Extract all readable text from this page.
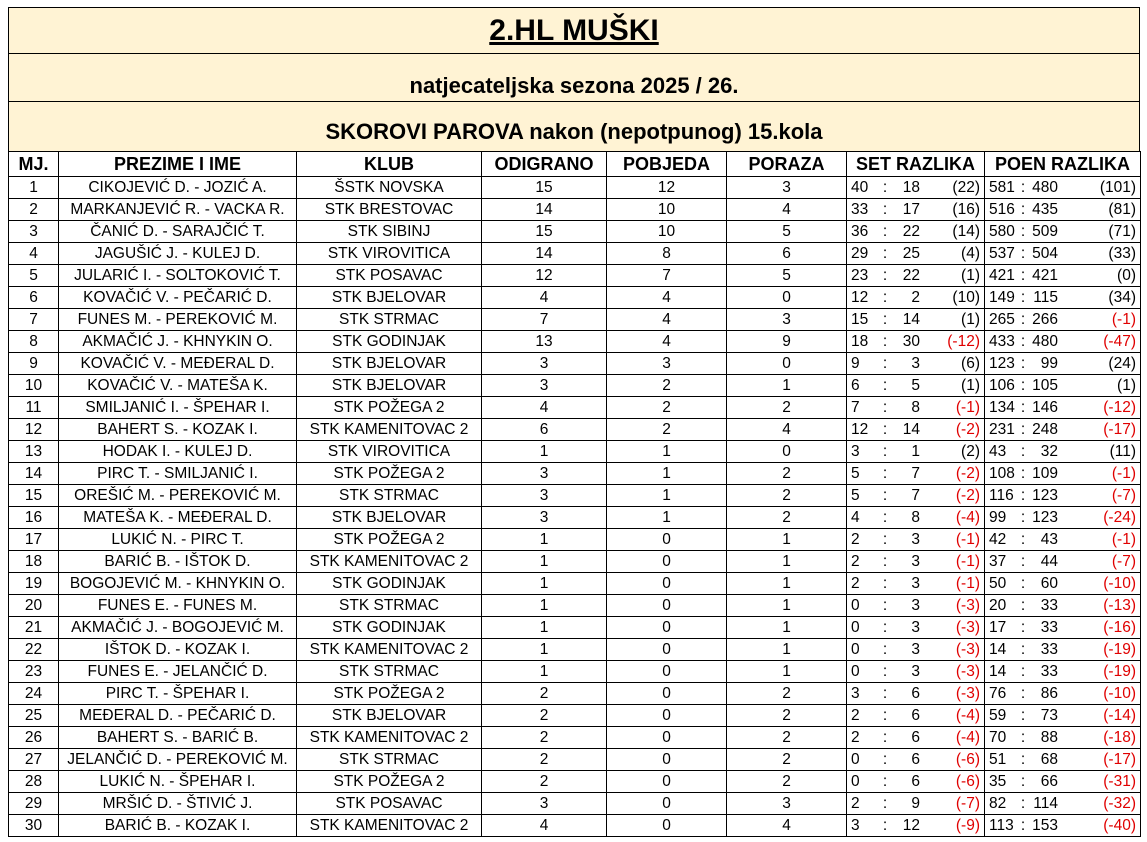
2.HL MUŠKI
natjecateljska sezona 2025 / 26.
SKOROVI PAROVA nakon (nepotpunog) 15.kola
MJ.	PREZIME I IME	KLUB	ODIGRANO	POBJEDA	PORAZA	SET RAZLIKA	POEN RAZLIKA
1	CIKOJEVIĆ D. - JOZIĆ A.	ŠSTK NOVSKA	15	12	3	40 : 18 (22)	581 : 480 (101)

2	MARKANJEVIĆ R. - VACKA R.	STK BRESTOVAC	14	10	4	33 : 17 (16)	516 : 435 (81)

3	ČANIĆ D. - SARAJČIĆ T.	STK SIBINJ	15	10	5	36 : 22 (14)	580 : 509 (71)

4	JAGUŠIĆ J. - KULEJ D.	STK VIROVITICA	14	8	6	29 : 25 (4)	537 : 504 (33)

5	JULARIĆ I. - SOLTOKOVIĆ T.	STK POSAVAC	12	7	5	23 : 22 (1)	421 : 421 (0)

6	KOVAČIĆ V. - PEČARIĆ D.	STK BJELOVAR	4	4	0	12 : 2 (10)	149 : 115 (34)

7	FUNES M. - PEREKOVIĆ M.	STK STRMAC	7	4	3	15 : 14 (1)	265 : 266 (-1)

8	AKMAČIĆ J. - KHNYKIN O.	STK GODINJAK	13	4	9	18 : 30 (-12)	433 : 480 (-47)

9	KOVAČIĆ V. - MEĐERAL D.	STK BJELOVAR	3	3	0	9 : 3 (6)	123 : 99 (24)

10	KOVAČIĆ V. - MATEŠA K.	STK BJELOVAR	3	2	1	6 : 5 (1)	106 : 105 (1)

11	SMILJANIĆ I. - ŠPEHAR I.	STK POŽEGA 2	4	2	2	7 : 8 (-1)	134 : 146 (-12)

12	BAHERT S. - KOZAK I.	STK KAMENITOVAC 2	6	2	4	12 : 14 (-2)	231 : 248 (-17)

13	HODAK I. - KULEJ D.	STK VIROVITICA	1	1	0	3 : 1 (2)	43 : 32 (11)

14	PIRC T. - SMILJANIĆ I.	STK POŽEGA 2	3	1	2	5 : 7 (-2)	108 : 109 (-1)

15	OREŠIĆ M. - PEREKOVIĆ M.	STK STRMAC	3	1	2	5 : 7 (-2)	116 : 123 (-7)

16	MATEŠA K. - MEĐERAL D.	STK BJELOVAR	3	1	2	4 : 8 (-4)	99 : 123 (-24)

17	LUKIĆ N. - PIRC T.	STK POŽEGA 2	1	0	1	2 : 3 (-1)	42 : 43 (-1)

18	BARIĆ B. - IŠTOK D.	STK KAMENITOVAC 2	1	0	1	2 : 3 (-1)	37 : 44 (-7)

19	BOGOJEVIĆ M. - KHNYKIN O.	STK GODINJAK	1	0	1	2 : 3 (-1)	50 : 60 (-10)

20	FUNES E. - FUNES M.	STK STRMAC	1	0	1	0 : 3 (-3)	20 : 33 (-13)

21	AKMAČIĆ J. - BOGOJEVIĆ M.	STK GODINJAK	1	0	1	0 : 3 (-3)	17 : 33 (-16)

22	IŠTOK D. - KOZAK I.	STK KAMENITOVAC 2	1	0	1	0 : 3 (-3)	14 : 33 (-19)

23	FUNES E. - JELANČIĆ D.	STK STRMAC	1	0	1	0 : 3 (-3)	14 : 33 (-19)

24	PIRC T. - ŠPEHAR I.	STK POŽEGA 2	2	0	2	3 : 6 (-3)	76 : 86 (-10)

25	MEĐERAL D. - PEČARIĆ D.	STK BJELOVAR	2	0	2	2 : 6 (-4)	59 : 73 (-14)

26	BAHERT S. - BARIĆ B.	STK KAMENITOVAC 2	2	0	2	2 : 6 (-4)	70 : 88 (-18)

27	JELANČIĆ D. - PEREKOVIĆ M.	STK STRMAC	2	0	2	0 : 6 (-6)	51 : 68 (-17)

28	LUKIĆ N. - ŠPEHAR I.	STK POŽEGA 2	2	0	2	0 : 6 (-6)	35 : 66 (-31)

29	MRŠIĆ D. - ŠTIVIĆ J.	STK POSAVAC	3	0	3	2 : 9 (-7)	82 : 114 (-32)

30	BARIĆ B. - KOZAK I.	STK KAMENITOVAC 2	4	0	4	3 : 12 (-9)	113 : 153 (-40)
